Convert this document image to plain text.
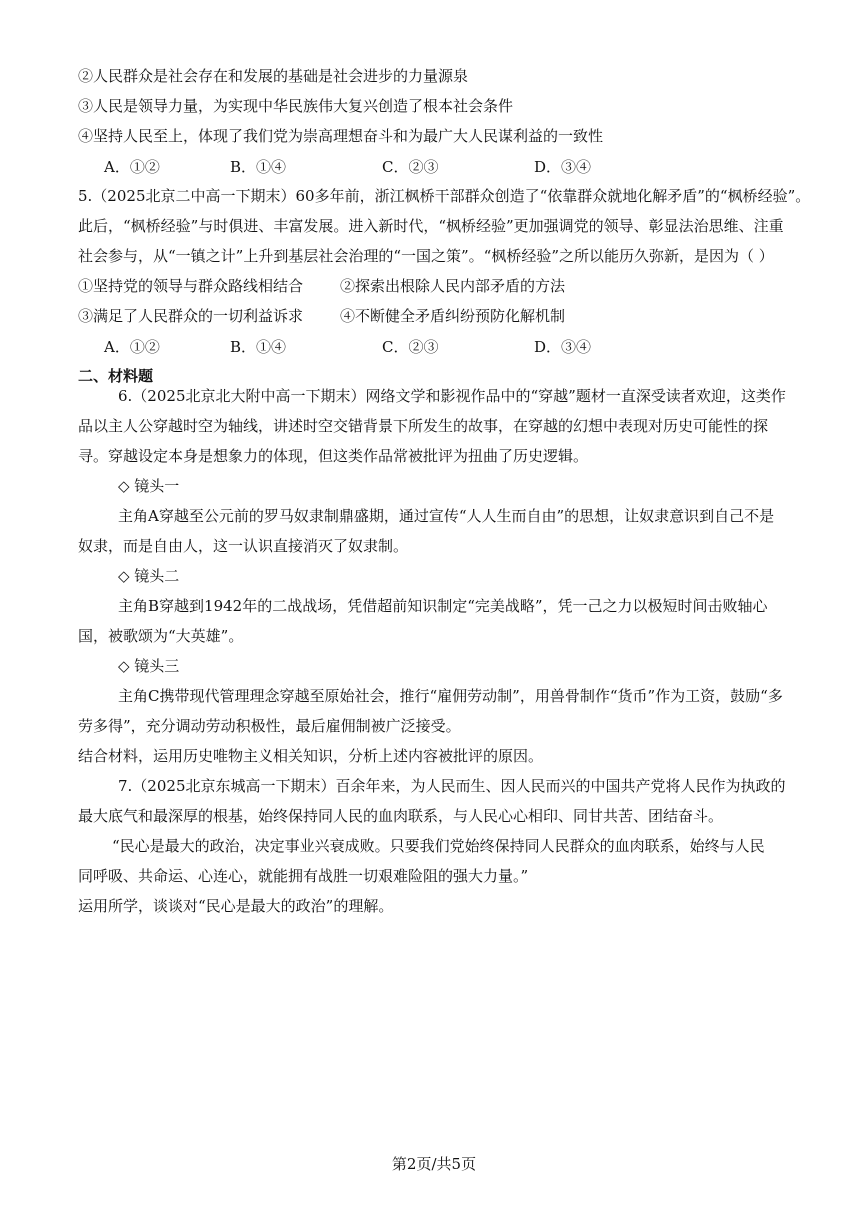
②人民群众是社会存在和发展的基础是社会进步的力量源泉
③人民是领导力量，为实现中华民族伟大复兴创造了根本社会条件
④坚持人民至上，体现了我们党为崇高理想奋斗和为最广大人民谋利益的一致性
A．①②	B．①④	C．②③	D．③④
5.（2025北京二中高一下期末）60多年前，浙江枫桥干部群众创造了“依靠群众就地化解矛盾”的“枫桥经验”。
此后，“枫桥经验”与时俱进、丰富发展。进入新时代，“枫桥经验”更加强调党的领导、彰显法治思维、注重
社会参与，从“一镇之计”上升到基层社会治理的“一国之策”。“枫桥经验”之所以能历久弥新，是因为（ ）
①坚持党的领导与群众路线相结合 ②探索出根除人民内部矛盾的方法
③满足了人民群众的一切利益诉求 ④不断健全矛盾纠纷预防化解机制
A．①②	B．①④	C．②③	D．③④
二、材料题
6.（2025北京北大附中高一下期末）网络文学和影视作品中的“穿越”题材一直深受读者欢迎，这类作
品以主人公穿越时空为轴线，讲述时空交错背景下所发生的故事，在穿越的幻想中表现对历史可能性的探
寻。穿越设定本身是想象力的体现，但这类作品常被批评为扭曲了历史逻辑。
◇ 镜头一
主角A穿越至公元前的罗马奴隶制鼎盛期，通过宣传“人人生而自由”的思想，让奴隶意识到自己不是
奴隶，而是自由人，这一认识直接消灭了奴隶制。
◇ 镜头二
主角B穿越到1942年的二战战场，凭借超前知识制定“完美战略”，凭一己之力以极短时间击败轴心
国，被歌颂为“大英雄”。
◇ 镜头三
主角C携带现代管理理念穿越至原始社会，推行“雇佣劳动制”，用兽骨制作“货币”作为工资，鼓励“多
劳多得”，充分调动劳动积极性，最后雇佣制被广泛接受。
结合材料，运用历史唯物主义相关知识，分析上述内容被批评的原因。
7.（2025北京东城高一下期末）百余年来，为人民而生、因人民而兴的中国共产党将人民作为执政的
最大底气和最深厚的根基，始终保持同人民的血肉联系，与人民心心相印、同甘共苦、团结奋斗。
“民心是最大的政治，决定事业兴衰成败。只要我们党始终保持同人民群众的血肉联系，始终与人民
同呼吸、共命运、心连心，就能拥有战胜一切艰难险阻的强大力量。”
运用所学，谈谈对“民心是最大的政治”的理解。
第2页/共5页
